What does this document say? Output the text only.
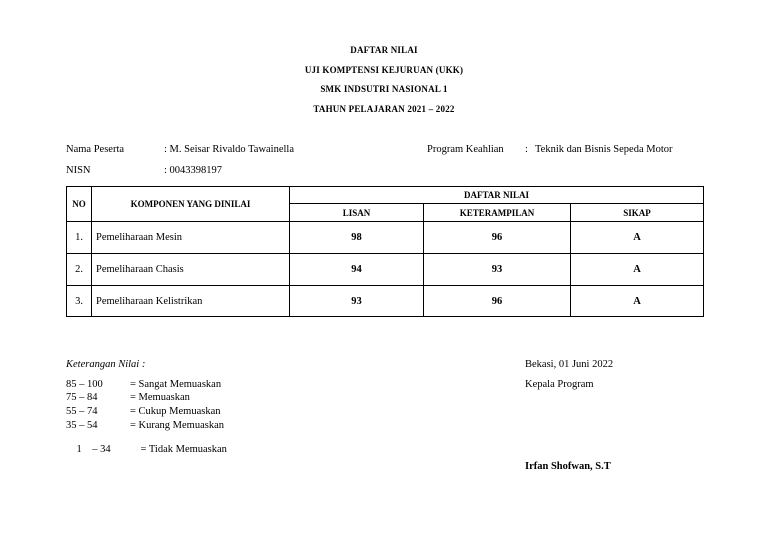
DAFTAR NILAI
UJI KOMPTENSI KEJURUAN (UKK)
SMK INDSUTRI NASIONAL 1
TAHUN PELAJARAN 2021 – 2022
Nama Peserta	: M. Seisar Rivaldo Tawainella	Program Keahlian : Teknik dan Bisnis Sepeda Motor
NISN	: 0043398197
NO	KOMPONEN YANG DINILAI	DAFTAR NILAI		
		LISAN	KETERAMPILAN	SIKAP
1.	Pemeliharaan Mesin	98	96	A
2.	Pemeliharaan Chasis	94	93	A
3.	Pemeliharaan Kelistrikan	93	96	A
Keterangan Nilai :
85 – 100	= Sangat Memuaskan
75 – 84	= Memuaskan
55 – 74	= Cukup Memuaskan
35 – 54	= Kurang Memuaskan

1    – 34	= Tidak Memuaskan

Bekasi, 01 Juni 2022
Kepala Program
Irfan Shofwan, S.T
